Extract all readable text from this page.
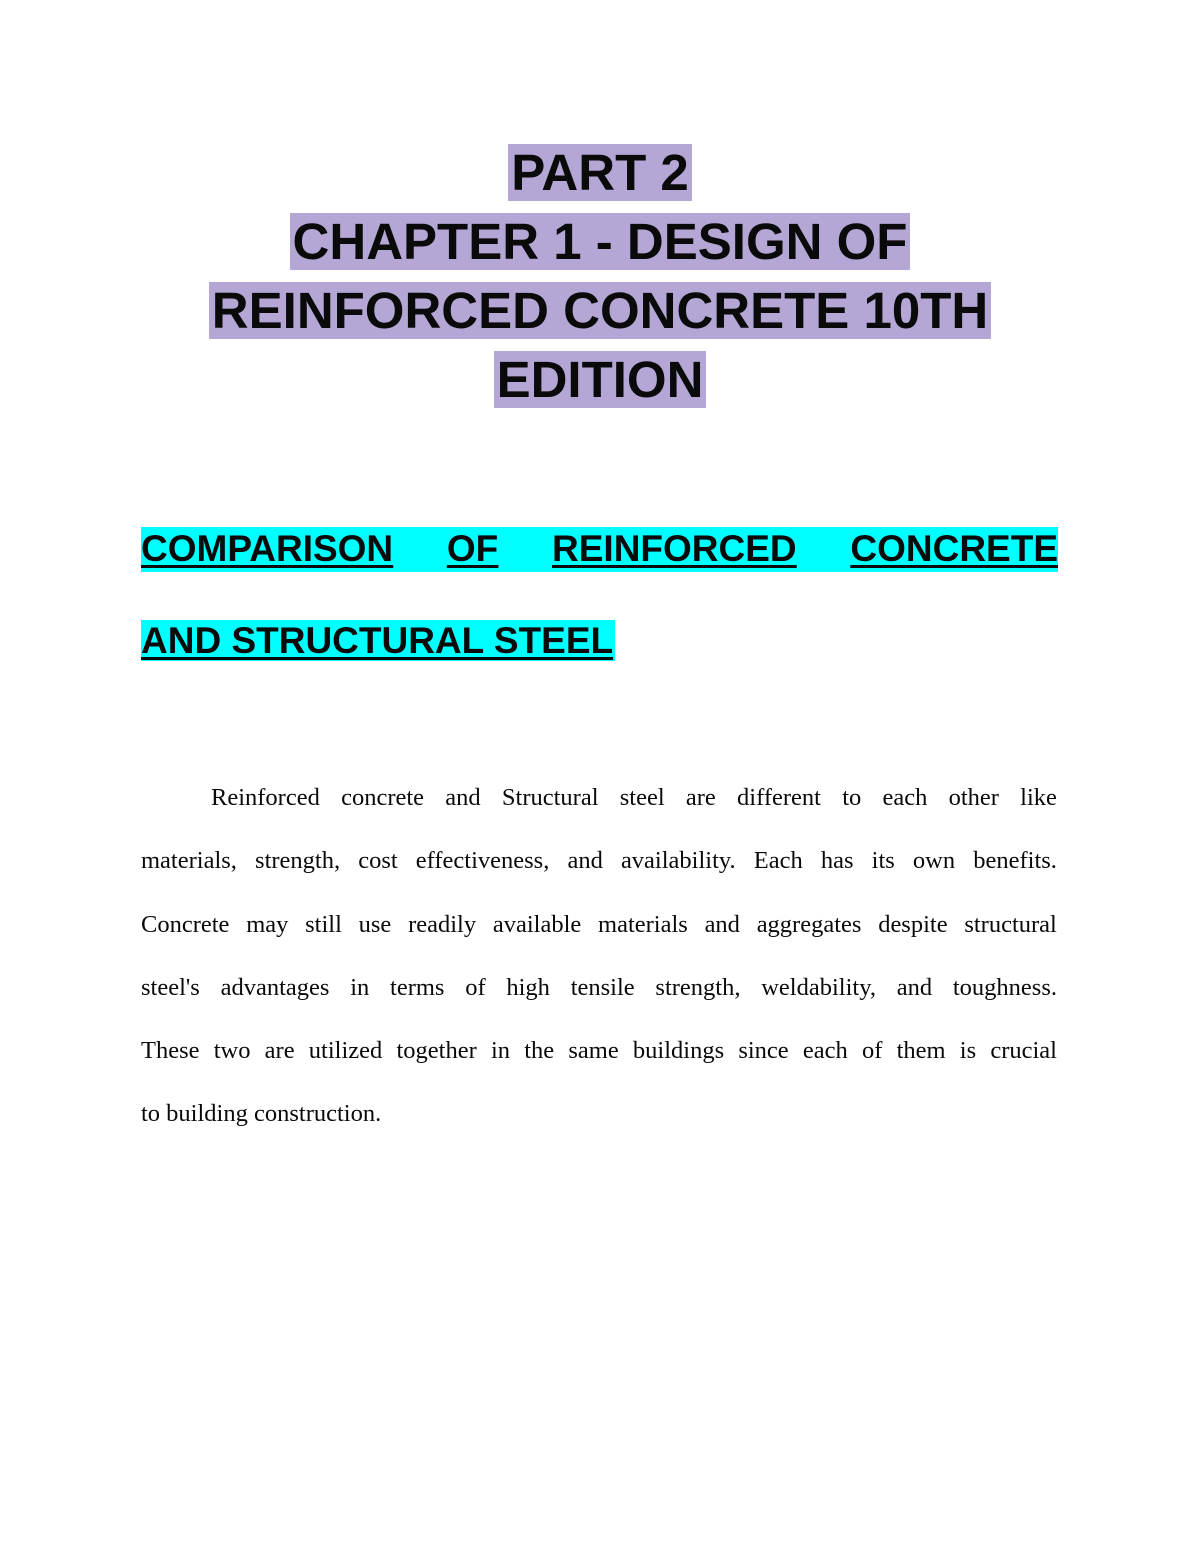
PART 2
CHAPTER 1 - DESIGN OF
REINFORCED CONCRETE 10TH
EDITION
COMPARISON OF REINFORCED CONCRETE
AND STRUCTURAL STEEL
Reinforced concrete and Structural steel are different to each other like
materials, strength, cost effectiveness, and availability. Each has its own benefits.
Concrete may still use readily available materials and aggregates despite structural
steel's advantages in terms of high tensile strength, weldability, and toughness.
These two are utilized together in the same buildings since each of them is crucial
to building construction.
